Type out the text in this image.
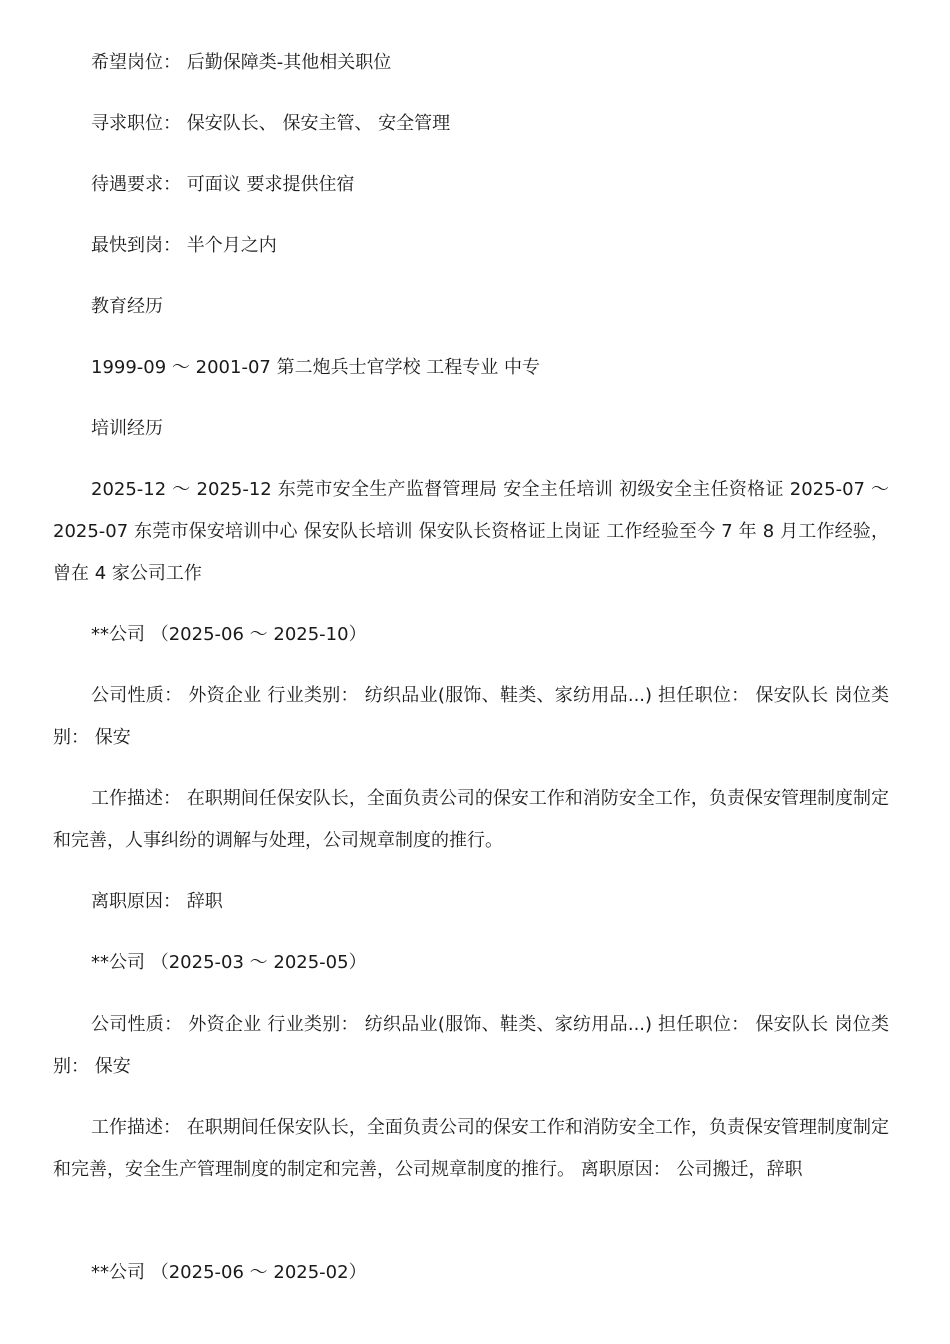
希望岗位： 后勤保障类-其他相关职位

寻求职位： 保安队长、 保安主管、 安全管理

待遇要求： 可面议 要求提供住宿

最快到岗： 半个月之内

教育经历

1999-09 ～ 2001-07 第二炮兵士官学校 工程专业 中专

培训经历

2025-12 ～ 2025-12 东莞市安全生产监督管理局 安全主任培训 初级安全主任资格证 2025-07 ～ 2025-07 东莞市保安培训中心 保安队长培训 保安队长资格证上岗证 工作经验至今 7 年 8 月工作经验，曾在 4 家公司工作

**公司 （2025-06 ～ 2025-10）

公司性质： 外资企业 行业类别： 纺织品业(服饰、鞋类、家纺用品...) 担任职位： 保安队长 岗位类别： 保安

工作描述： 在职期间任保安队长，全面负责公司的保安工作和消防安全工作，负责保安管理制度制定和完善，人事纠纷的调解与处理，公司规章制度的推行。

离职原因： 辞职

**公司 （2025-03 ～ 2025-05）

公司性质： 外资企业 行业类别： 纺织品业(服饰、鞋类、家纺用品...) 担任职位： 保安队长 岗位类别： 保安

工作描述： 在职期间任保安队长，全面负责公司的保安工作和消防安全工作，负责保安管理制度制定和完善，安全生产管理制度的制定和完善，公司规章制度的推行。 离职原因： 公司搬迁，辞职

**公司 （2025-06 ～ 2025-02）
